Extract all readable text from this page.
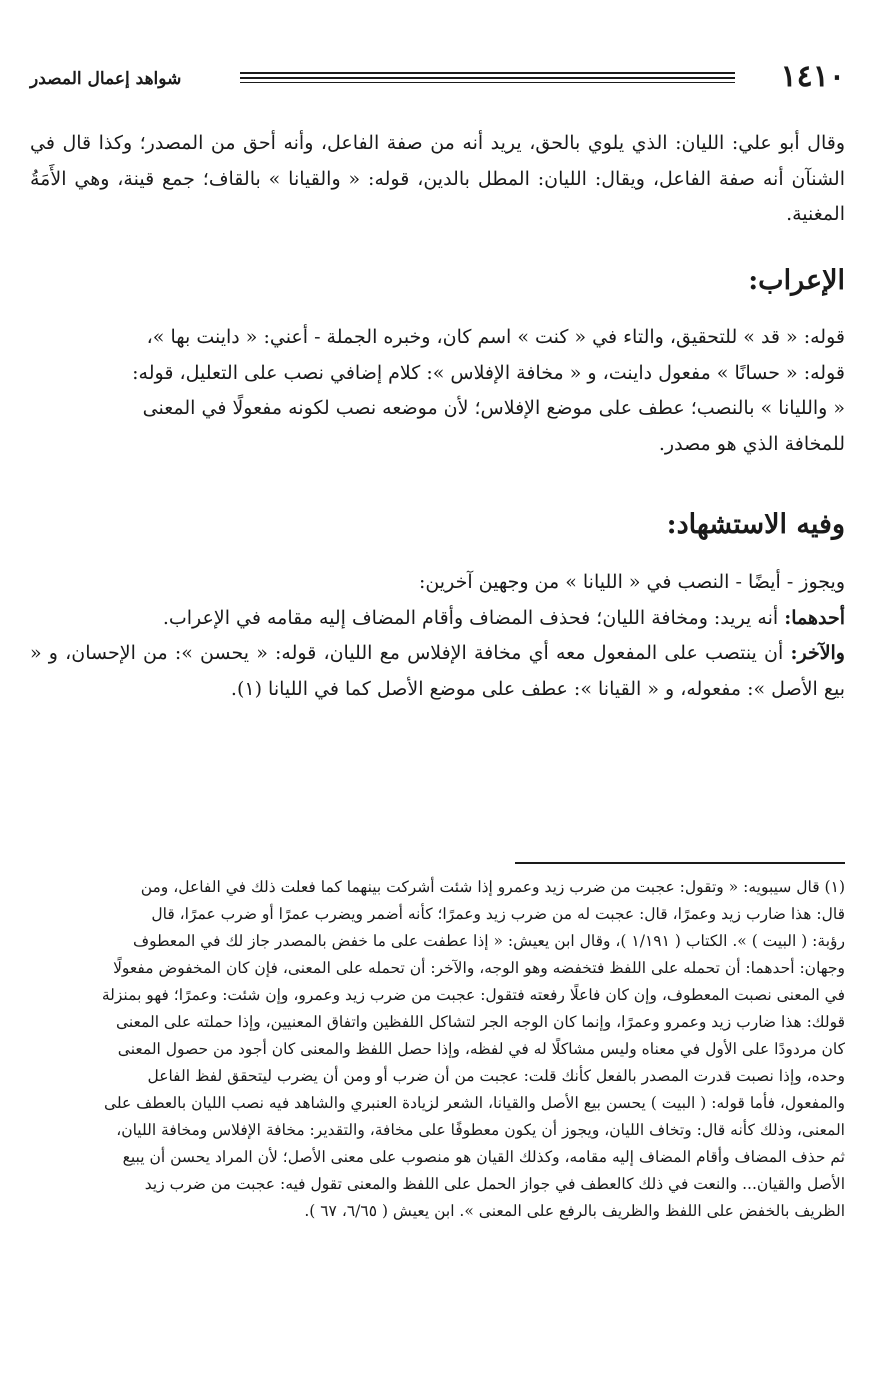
١٤١٠
شواهد إعمال المصدر

وقال أبو علي: الليان: الذي يلوي بالحق، يريد أنه من صفة الفاعل، وأنه أحق من المصدر؛ وكذا قال في الشنآن أنه صفة الفاعل، ويقال: الليان: المطل بالدين، قوله: « والقيانا » بالقاف؛ جمع قينة، وهي الأَمَةُ المغنية.

الإعراب:

قوله: « قد » للتحقيق، والتاء في « كنت » اسم كان، وخبره الجملة - أعني: « داينت بها »،

قوله: « حسانًا » مفعول داينت، و « مخافة الإفلاس »: كلام إضافي نصب على التعليل، قوله:

« والليانا » بالنصب؛ عطف على موضع الإفلاس؛ لأن موضعه نصب لكونه مفعولًا في المعنى

للمخافة الذي هو مصدر.

وفيه الاستشهاد:

ويجوز - أيضًا - النصب في « الليانا » من وجهين آخرين:

أحدهما: أنه يريد: ومخافة الليان؛ فحذف المضاف وأقام المضاف إليه مقامه في الإعراب.

والآخر: أن ينتصب على المفعول معه أي مخافة الإفلاس مع الليان، قوله: « يحسن »: من الإحسان، و « بيع الأصل »: مفعوله، و « القيانا »: عطف على موضع الأصل كما في الليانا (١).

(١) قال سيبويه: « وتقول: عجبت من ضرب زيد وعمرو إذا شئت أشركت بينهما كما فعلت ذلك في الفاعل، ومن

قال: هذا ضارب زيد وعمرًا، قال: عجبت له من ضرب زيد وعمرًا؛ كأنه أضمر ويضرب عمرًا أو ضرب عمرًا، قال

رؤبة: ( البيت ) ». الكتاب ( ١/١٩١ )، وقال ابن يعيش: « إذا عطفت على ما خفض بالمصدر جاز لك في المعطوف

وجهان: أحدهما: أن تحمله على اللفظ فتخفضه وهو الوجه، والآخر: أن تحمله على المعنى، فإن كان المخفوض مفعولًا

في المعنى نصبت المعطوف، وإن كان فاعلًا رفعته فتقول: عجبت من ضرب زيد وعمرو، وإن شئت: وعمرًا؛ فهو بمنزلة

قولك: هذا ضارب زيد وعمرو وعمرًا، وإنما كان الوجه الجر لتشاكل اللفظين واتفاق المعنيين، وإذا حملته على المعنى

كان مردودًا على الأول في معناه وليس مشاكلًا له في لفظه، وإذا حصل اللفظ والمعنى كان أجود من حصول المعنى

وحده، وإذا نصبت قدرت المصدر بالفعل كأنك قلت: عجبت من أن ضرب أو ومن أن يضرب ليتحقق لفظ الفاعل

والمفعول، فأما قوله: ( البيت ) يحسن بيع الأصل والقيانا، الشعر لزيادة العنبري والشاهد فيه نصب الليان بالعطف على

المعنى، وذلك كأنه قال: وتخاف الليان، ويجوز أن يكون معطوفًا على مخافة، والتقدير: مخافة الإفلاس ومخافة الليان،

ثم حذف المضاف وأقام المضاف إليه مقامه، وكذلك القيان هو منصوب على معنى الأصل؛ لأن المراد يحسن أن يبيع

الأصل والقيان... والنعت في ذلك كالعطف في جواز الحمل على اللفظ والمعنى تقول فيه: عجبت من ضرب زيد

الظريف بالخفض على اللفظ والظريف بالرفع على المعنى ». ابن يعيش ( ٦/٦٥، ٦٧ ).
